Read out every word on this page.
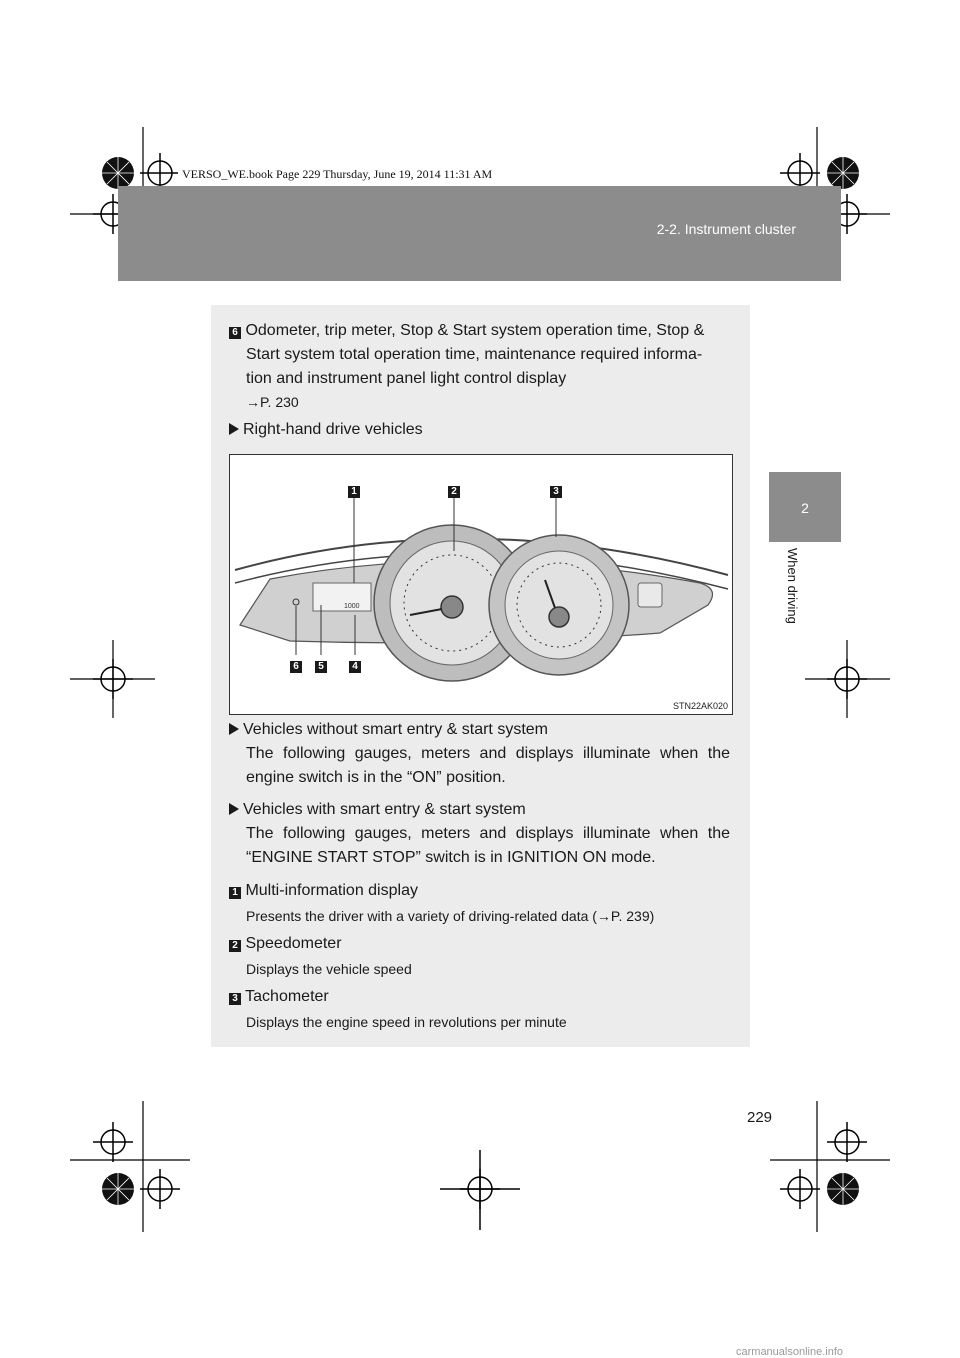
VERSO_WE.book Page 229 Thursday, June 19, 2014 11:31 AM
2-2. Instrument cluster
2
When driving
6 Odometer, trip meter, Stop & Start system operation time, Stop &
Start system total operation time, maintenance required informa-
tion and instrument panel light control display
→P. 230
Right-hand drive vehicles
1000
1	2	3
6	5	4
STN22AK020
Vehicles without smart entry & start system
The following gauges, meters and displays illuminate when the engine switch is in the “ON” position.
Vehicles with smart entry & start system
The following gauges, meters and displays illuminate when the “ENGINE START STOP” switch is in IGNITION ON mode.
1 Multi-information display
Presents the driver with a variety of driving-related data (→P. 239)
2 Speedometer
Displays the vehicle speed
3 Tachometer
Displays the engine speed in revolutions per minute
229
carmanualsonline.info
